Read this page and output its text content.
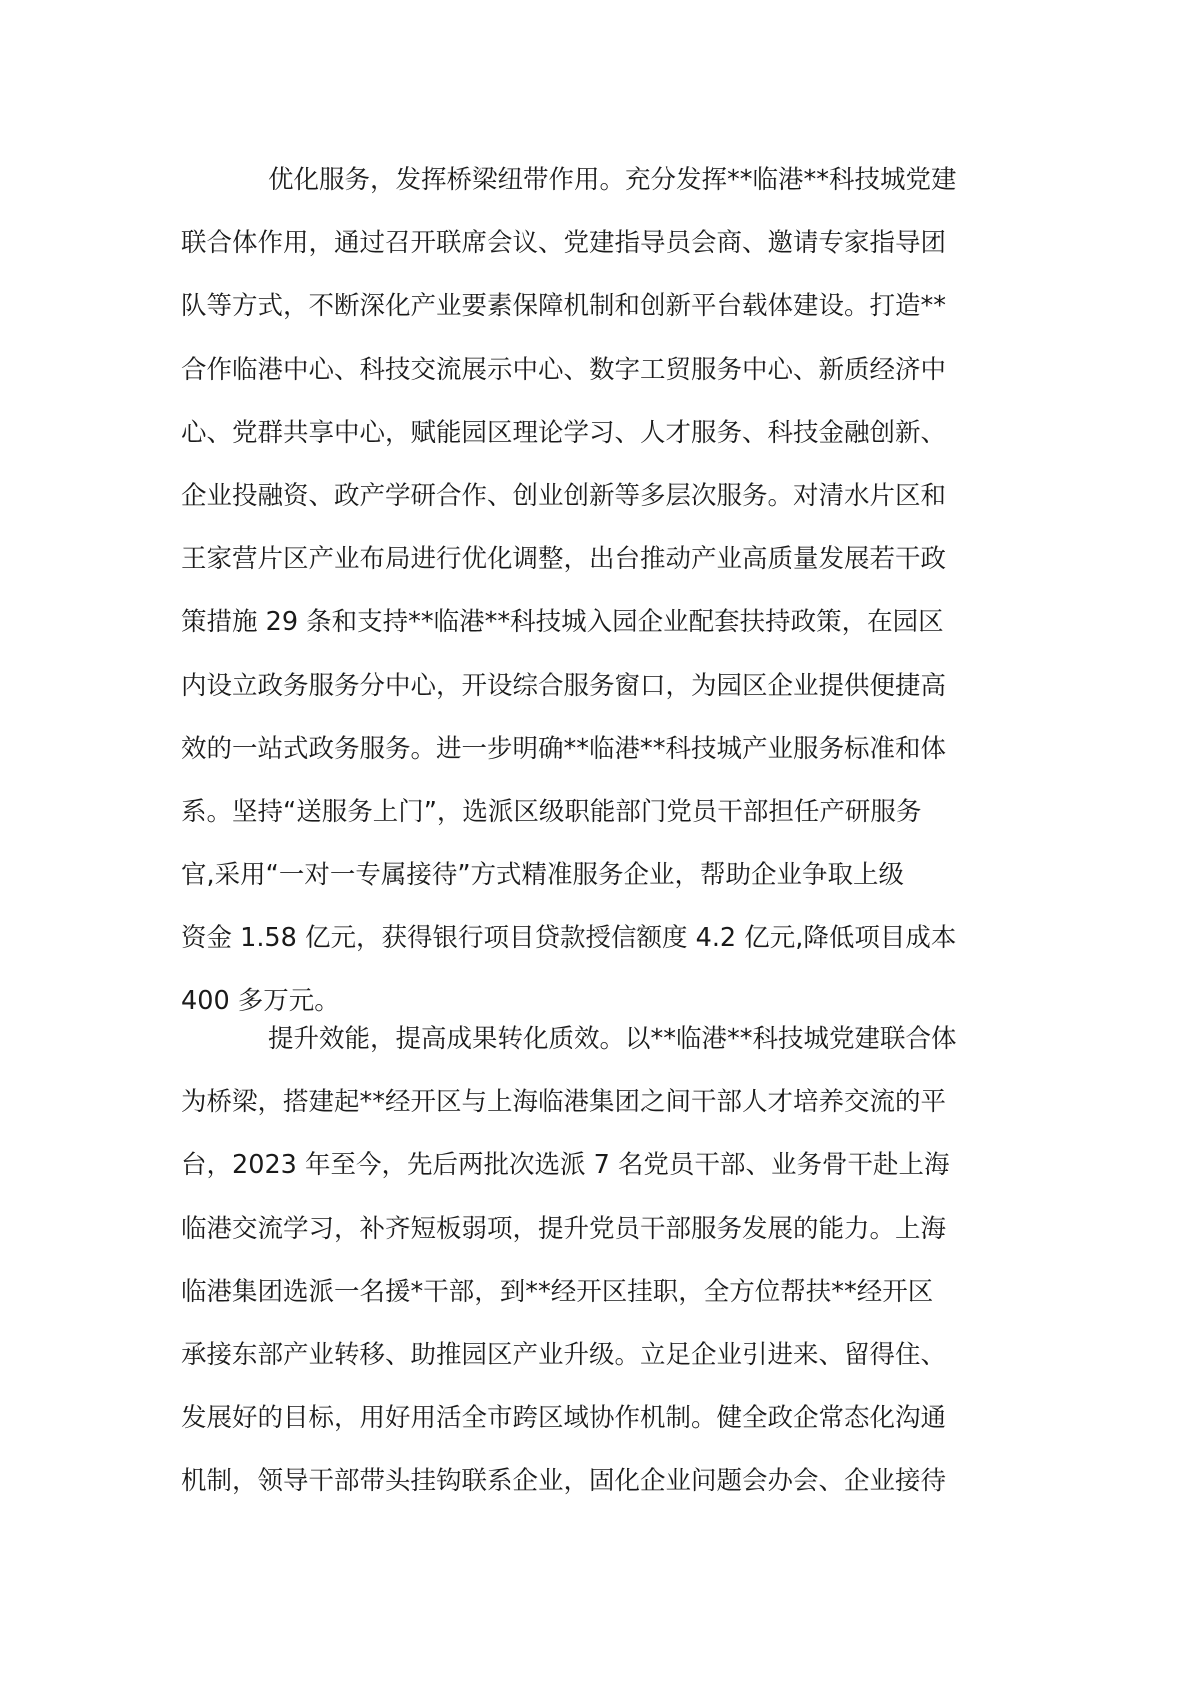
优化服务，发挥桥梁纽带作用。充分发挥**临港**科技城党建
联合体作用，通过召开联席会议、党建指导员会商、邀请专家指导团
队等方式，不断深化产业要素保障机制和创新平台载体建设。打造**
合作临港中心、科技交流展示中心、数字工贸服务中心、新质经济中
心、党群共享中心，赋能园区理论学习、人才服务、科技金融创新、
企业投融资、政产学研合作、创业创新等多层次服务。对清水片区和
王家营片区产业布局进行优化调整，出台推动产业高质量发展若干政
策措施 29 条和支持**临港**科技城入园企业配套扶持政策，在园区
内设立政务服务分中心，开设综合服务窗口，为园区企业提供便捷高
效的一站式政务服务。进一步明确**临港**科技城产业服务标准和体
系。坚持“送服务上门”，选派区级职能部门党员干部担任产研服务
官,采用“一对一专属接待”方式精准服务企业，帮助企业争取上级
资金 1.58 亿元，获得银行项目贷款授信额度 4.2 亿元,降低项目成本
400 多万元。
提升效能，提高成果转化质效。以**临港**科技城党建联合体
为桥梁，搭建起**经开区与上海临港集团之间干部人才培养交流的平
台，2023 年至今，先后两批次选派 7 名党员干部、业务骨干赴上海
临港交流学习，补齐短板弱项，提升党员干部服务发展的能力。上海
临港集团选派一名援*干部，到**经开区挂职，全方位帮扶**经开区
承接东部产业转移、助推园区产业升级。立足企业引进来、留得住、
发展好的目标，用好用活全市跨区域协作机制。健全政企常态化沟通
机制，领导干部带头挂钩联系企业，固化企业问题会办会、企业接待
